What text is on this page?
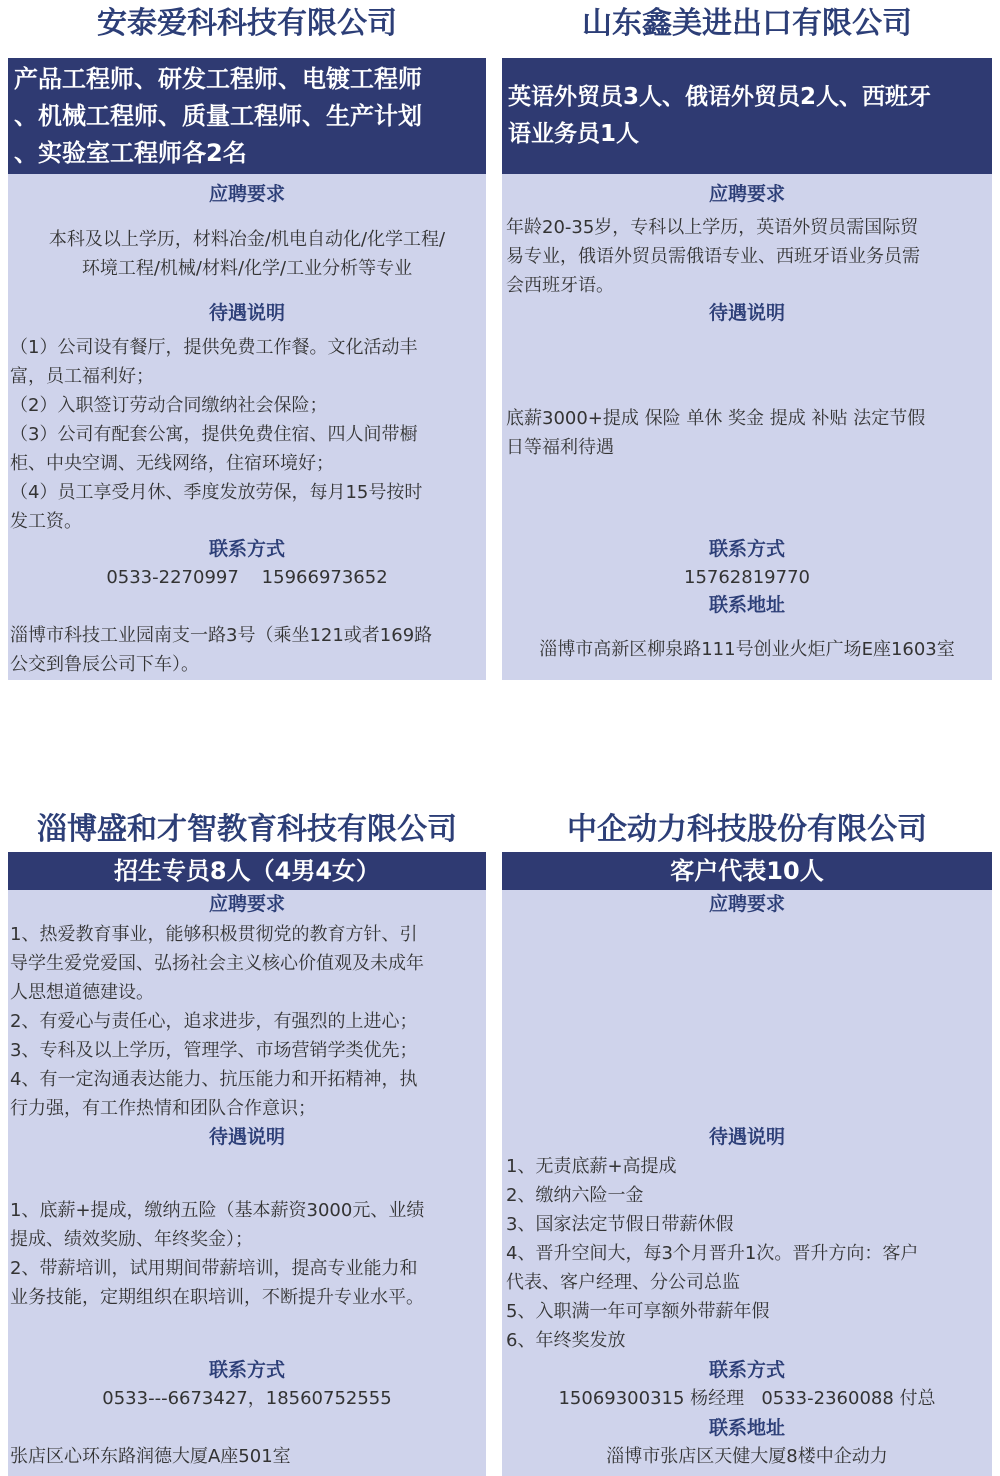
安泰爱科科技有限公司
产品工程师、研发工程师、电镀工程师
、机械工程师、质量工程师、生产计划
、实验室工程师各2名
应聘要求
本科及以上学历，材料冶金/机电自动化/化学工程/
环境工程/机械/材料/化学/工业分析等专业
待遇说明
（1）公司设有餐厅，提供免费工作餐。文化活动丰
富，员工福利好；
（2）入职签订劳动合同缴纳社会保险；
（3）公司有配套公寓，提供免费住宿、四人间带橱
柜、中央空调、无线网络，住宿环境好；
（4）员工享受月休、季度发放劳保，每月15号按时
发工资。
联系方式
0533-2270997    15966973652
淄博市科技工业园南支一路3号（乘坐121或者169路
公交到鲁辰公司下车）。
山东鑫美进出口有限公司
英语外贸员3人、俄语外贸员2人、西班牙
语业务员1人
应聘要求
年龄20-35岁，专科以上学历，英语外贸员需国际贸
易专业，俄语外贸员需俄语专业、西班牙语业务员需
会西班牙语。
待遇说明
底薪3000+提成 保险 单休 奖金 提成 补贴 法定节假
日等福利待遇
联系方式
15762819770
联系地址
淄博市高新区柳泉路111号创业火炬广场E座1603室
淄博盛和才智教育科技有限公司
招生专员8人（4男4女）
应聘要求
1、热爱教育事业，能够积极贯彻党的教育方针、引
导学生爱党爱国、弘扬社会主义核心价值观及未成年
人思想道德建设。
2、有爱心与责任心，追求进步，有强烈的上进心；
3、专科及以上学历，管理学、市场营销学类优先；
4、有一定沟通表达能力、抗压能力和开拓精神，执
行力强，有工作热情和团队合作意识；
待遇说明
1、底薪+提成，缴纳五险（基本薪资3000元、业绩
提成、绩效奖励、年终奖金）；
2、带薪培训，试用期间带薪培训，提高专业能力和
业务技能，定期组织在职培训，不断提升专业水平。
联系方式
0533---6673427，18560752555
张店区心环东路润德大厦A座501室
中企动力科技股份有限公司
客户代表10人
应聘要求
待遇说明
1、无责底薪+高提成
2、缴纳六险一金
3、国家法定节假日带薪休假
4、晋升空间大，每3个月晋升1次。晋升方向：客户
代表、客户经理、分公司总监
5、入职满一年可享额外带薪年假
6、年终奖发放
联系方式
15069300315 杨经理   0533-2360088 付总
联系地址
淄博市张店区天健大厦8楼中企动力
